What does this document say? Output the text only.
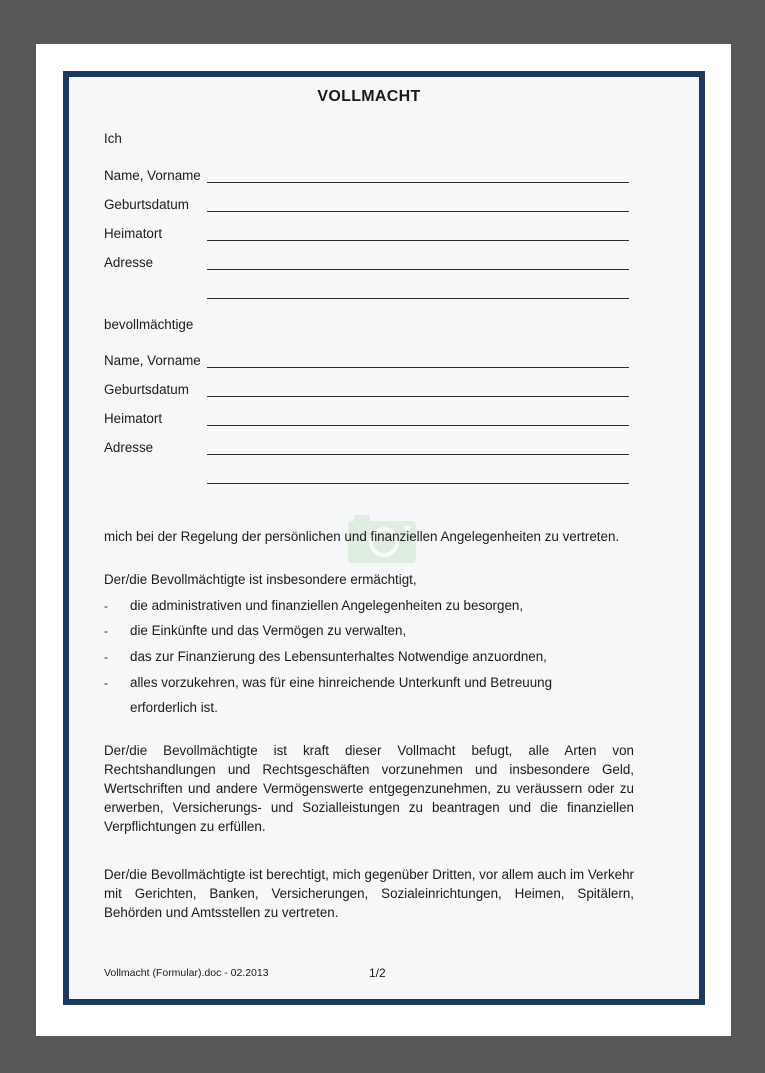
VOLLMACHT
Ich
Name, Vorname
Geburtsdatum
Heimatort
Adresse
bevollmächtige
Name, Vorname
Geburtsdatum
Heimatort
Adresse
mich bei der Regelung der persönlichen und finanziellen Angelegenheiten zu vertreten.
Der/die Bevollmächtigte ist insbesondere ermächtigt,
- die administrativen und finanziellen Angelegenheiten zu besorgen,
- die Einkünfte und das Vermögen zu verwalten,
- das zur Finanzierung des Lebensunterhaltes Notwendige anzuordnen,
- alles vorzukehren, was für eine hinreichende Unterkunft und Betreuung
erforderlich ist.
Der/die Bevollmächtigte ist kraft dieser Vollmacht befugt, alle Arten von Rechtshandlungen und Rechtsgeschäften vorzunehmen und insbesondere Geld, Wertschriften und andere Vermögenswerte entgegenzunehmen, zu veräussern oder zu erwerben, Versicherungs- und Sozialleistungen zu beantragen und die finanziellen Verpflichtungen zu erfüllen.
Der/die Bevollmächtigte ist berechtigt, mich gegenüber Dritten, vor allem auch im Verkehr mit Gerichten, Banken, Versicherungen, Sozialeinrichtungen, Heimen, Spitälern, Behörden und Amtsstellen zu vertreten.
Vollmacht (Formular).doc - 02.2013	1/2
